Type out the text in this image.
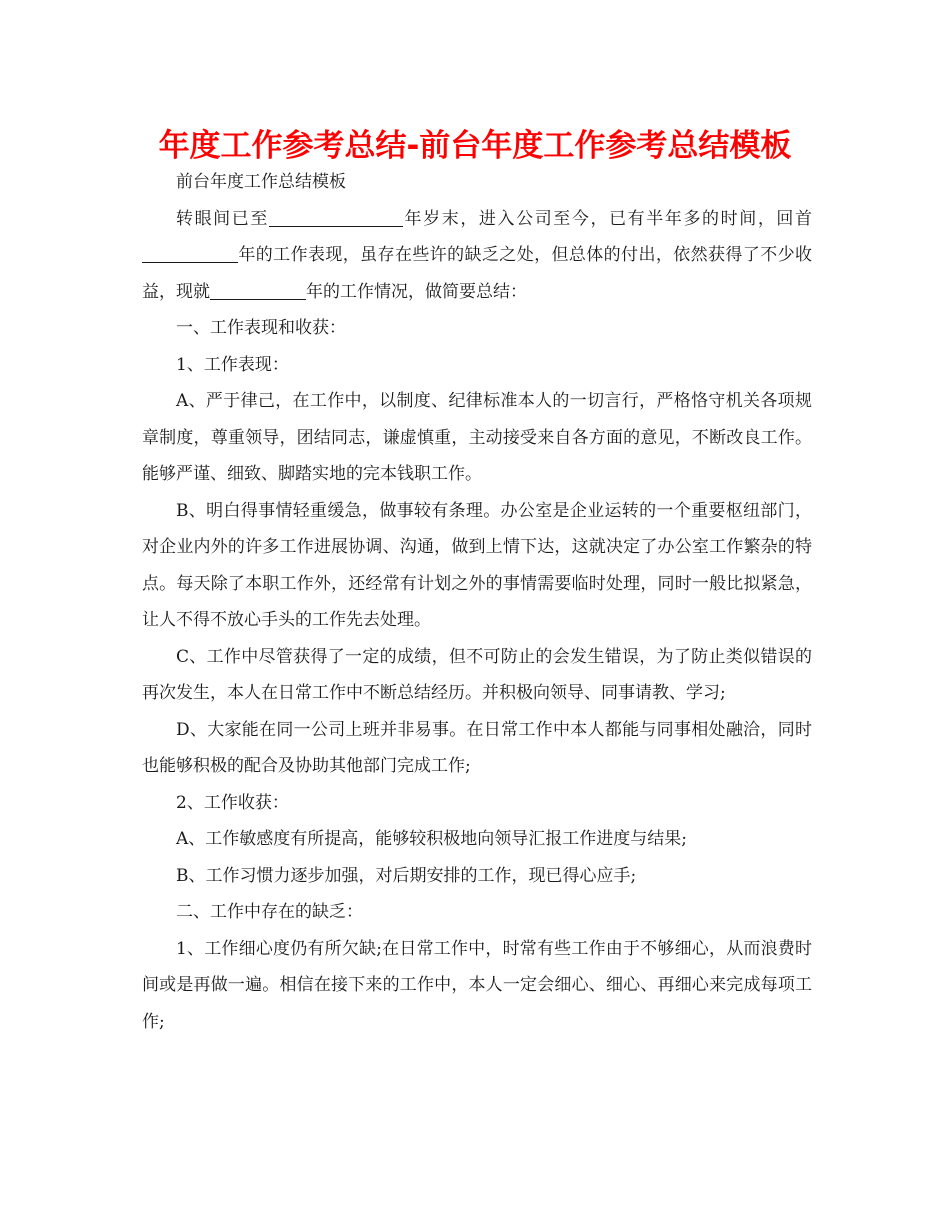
年度工作参考总结-前台年度工作参考总结模板

前台年度工作总结模板

转眼间已至	年岁末，进入公司至今，已有半年多的时间，回首年的工作表现，虽存在些许的缺乏之处，但总体的付出，依然获得了不少收益，现就	年的工作情况，做简要总结：

一、工作表现和收获：

1、工作表现：

A、严于律己，在工作中，以制度、纪律标准本人的一切言行，严格恪守机关各项规章制度，尊重领导，团结同志，谦虚慎重，主动接受来自各方面的意见，不断改良工作。能够严谨、细致、脚踏实地的完本钱职工作。

B、明白得事情轻重缓急，做事较有条理。办公室是企业运转的一个重要枢纽部门，对企业内外的许多工作进展协调、沟通，做到上情下达，这就决定了办公室工作繁杂的特点。每天除了本职工作外，还经常有计划之外的事情需要临时处理，同时一般比拟紧急，让人不得不放心手头的工作先去处理。

C、工作中尽管获得了一定的成绩，但不可防止的会发生错误，为了防止类似错误的再次发生，本人在日常工作中不断总结经历。并积极向领导、同事请教、学习;

D、大家能在同一公司上班并非易事。在日常工作中本人都能与同事相处融洽，同时也能够积极的配合及协助其他部门完成工作;

2、工作收获：

A、工作敏感度有所提高，能够较积极地向领导汇报工作进度与结果;

B、工作习惯力逐步加强，对后期安排的工作，现已得心应手;

二、工作中存在的缺乏：

1、工作细心度仍有所欠缺;在日常工作中，时常有些工作由于不够细心，从而浪费时间或是再做一遍。相信在接下来的工作中，本人一定会细心、细心、再细心来完成每项工作;
